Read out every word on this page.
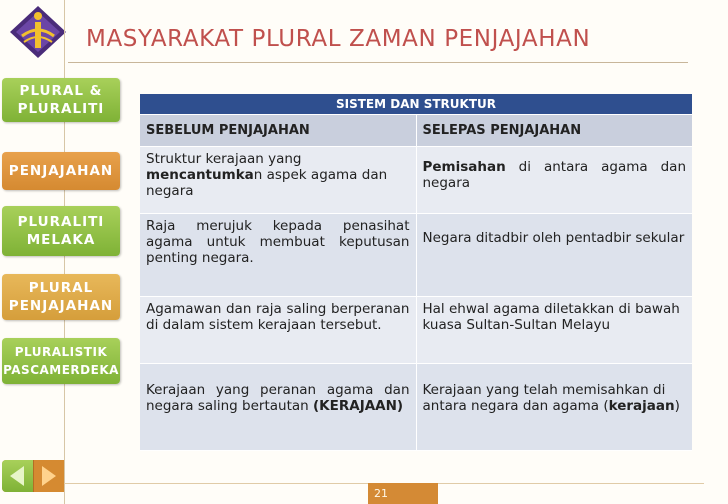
MASYARAKAT PLURAL ZAMAN PENJAJAHAN
PLURAL &
PLURALITI
PENJAJAHAN
PLURALITI
MELAKA
PLURAL
PENJAJAHAN
PLURALISTIK
PASCAMERDEKA
SISTEM DAN STRUKTUR	
SEBELUM PENJAJAHAN	SELEPAS PENJAJAHAN
Struktur kerajaan yang mencantumkan aspek agama dan negara	Pemisahan di antara agama dan negara
Raja merujuk kepada penasihat agama untuk membuat keputusan penting negara.	Negara ditadbir oleh pentadbir sekular
Agamawan dan raja saling berperanan di dalam sistem kerajaan tersebut.	Hal ehwal agama diletakkan di bawah kuasa Sultan-Sultan Melayu
Kerajaan yang peranan agama dan negara saling bertautan (KERAJAAN)	Kerajaan yang telah memisahkan di antara negara dan agama (kerajaan)
21
